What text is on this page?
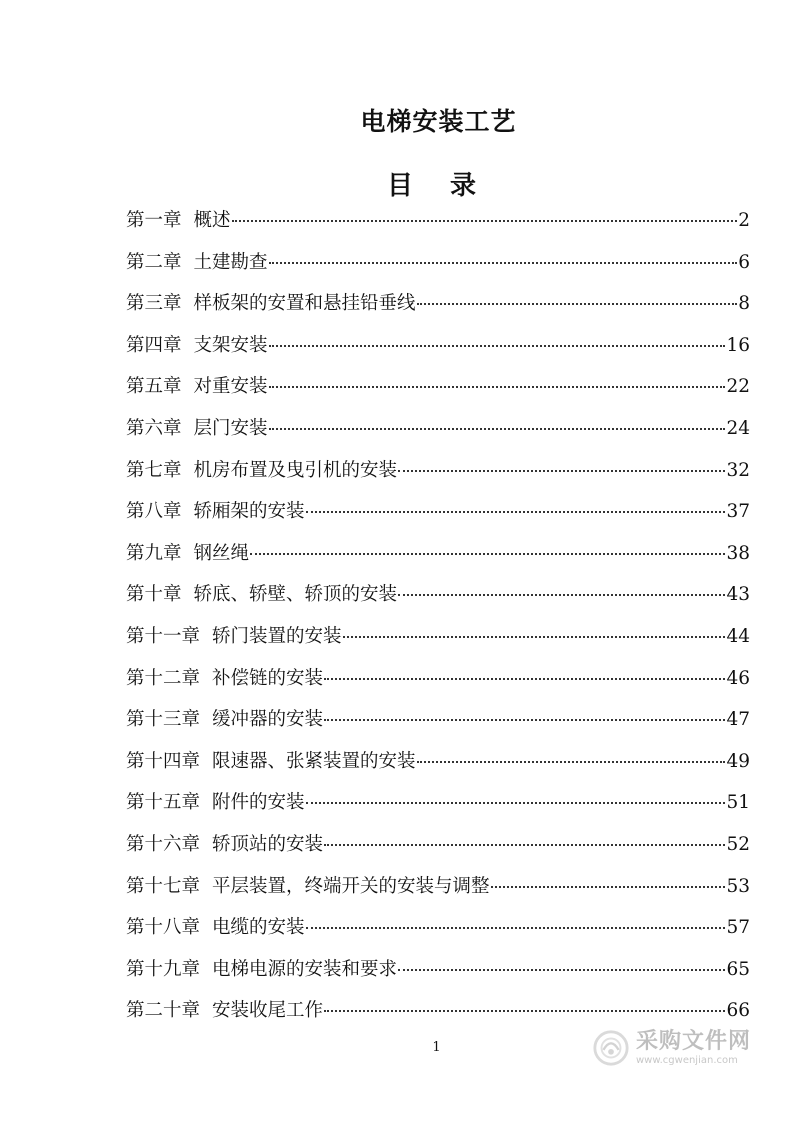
电梯安装工艺
目 录
第一章 概述	2
第二章 土建勘查	6
第三章 样板架的安置和悬挂铅垂线	8
第四章 支架安装	16
第五章 对重安装	22
第六章 层门安装	24
第七章 机房布置及曳引机的安装	32
第八章 轿厢架的安装	37
第九章 钢丝绳	38
第十章 轿底、轿壁、轿顶的安装	43
第十一章 轿门装置的安装	44
第十二章 补偿链的安装	46
第十三章 缓冲器的安装	47
第十四章 限速器、张紧装置的安装	49
第十五章 附件的安装	51
第十六章 轿顶站的安装	52
第十七章 平层装置，终端开关的安装与调整	53
第十八章 电缆的安装	57
第十九章 电梯电源的安装和要求	65
第二十章 安装收尾工作	66
1	采购文件网
www.cgwenjian.com
